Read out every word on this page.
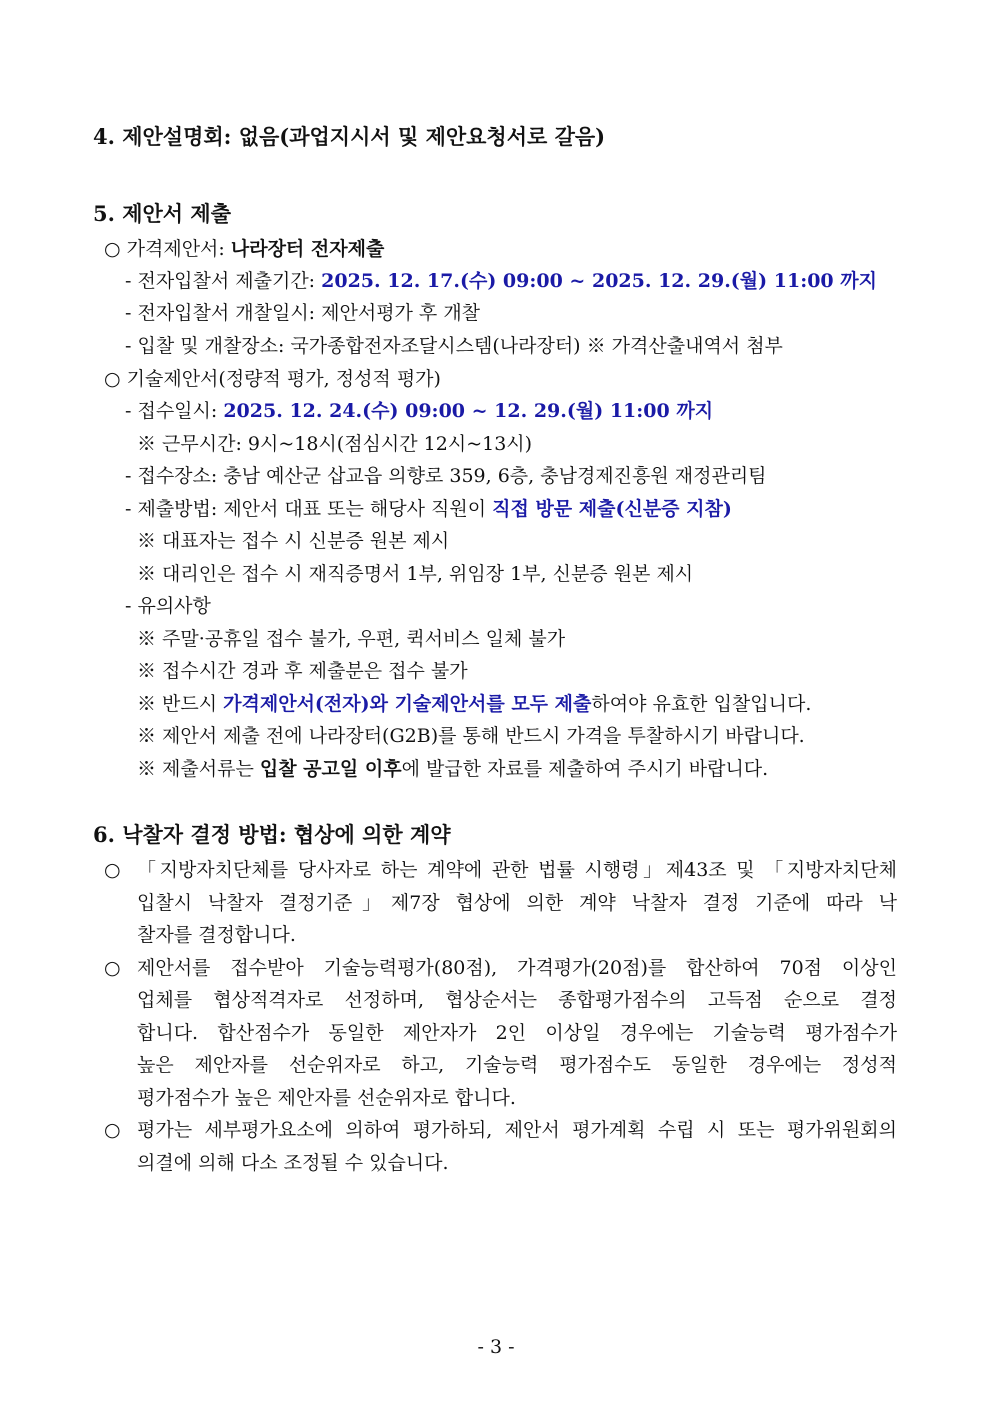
4. 제안설명회: 없음(과업지시서 및 제안요청서로 갈음)
5. 제안서 제출
○ 가격제안서: 나라장터 전자제출
- 전자입찰서 제출기간: 2025. 12. 17.(수) 09:00 ~ 2025. 12. 29.(월) 11:00 까지
- 전자입찰서 개찰일시: 제안서평가 후 개찰
- 입찰 및 개찰장소: 국가종합전자조달시스템(나라장터) ※ 가격산출내역서 첨부
○ 기술제안서(정량적 평가, 정성적 평가)
- 접수일시: 2025. 12. 24.(수) 09:00 ~ 12. 29.(월) 11:00 까지
※ 근무시간: 9시~18시(점심시간 12시~13시)
- 접수장소: 충남 예산군 삽교읍 의향로 359, 6층, 충남경제진흥원 재정관리팀
- 제출방법: 제안서 대표 또는 해당사 직원이 직접 방문 제출(신분증 지참)
※ 대표자는 접수 시 신분증 원본 제시
※ 대리인은 접수 시 재직증명서 1부, 위임장 1부, 신분증 원본 제시
- 유의사항
※ 주말·공휴일 접수 불가, 우편, 퀵서비스 일체 불가
※ 접수시간 경과 후 제출분은 접수 불가
※ 반드시 가격제안서(전자)와 기술제안서를 모두 제출하여야 유효한 입찰입니다.
※ 제안서 제출 전에 나라장터(G2B)를 통해 반드시 가격을 투찰하시기 바랍니다.
※ 제출서류는 입찰 공고일 이후에 발급한 자료를 제출하여 주시기 바랍니다.
6. 낙찰자 결정 방법: 협상에 의한 계약
○ 「지방자치단체를 당사자로 하는 계약에 관한 법률 시행령」제43조 및 「지방자치단체
입찰시 낙찰자 결정기준」제7장 협상에 의한 계약 낙찰자 결정 기준에 따라 낙
찰자를 결정합니다.
○ 제안서를 접수받아 기술능력평가(80점), 가격평가(20점)를 합산하여 70점 이상인
업체를 협상적격자로 선정하며, 협상순서는 종합평가점수의 고득점 순으로 결정
합니다. 합산점수가 동일한 제안자가 2인 이상일 경우에는 기술능력 평가점수가
높은 제안자를 선순위자로 하고, 기술능력 평가점수도 동일한 경우에는 정성적
평가점수가 높은 제안자를 선순위자로 합니다.
○ 평가는 세부평가요소에 의하여 평가하되, 제안서 평가계획 수립 시 또는 평가위원회의
의결에 의해 다소 조정될 수 있습니다.
- 3 -
